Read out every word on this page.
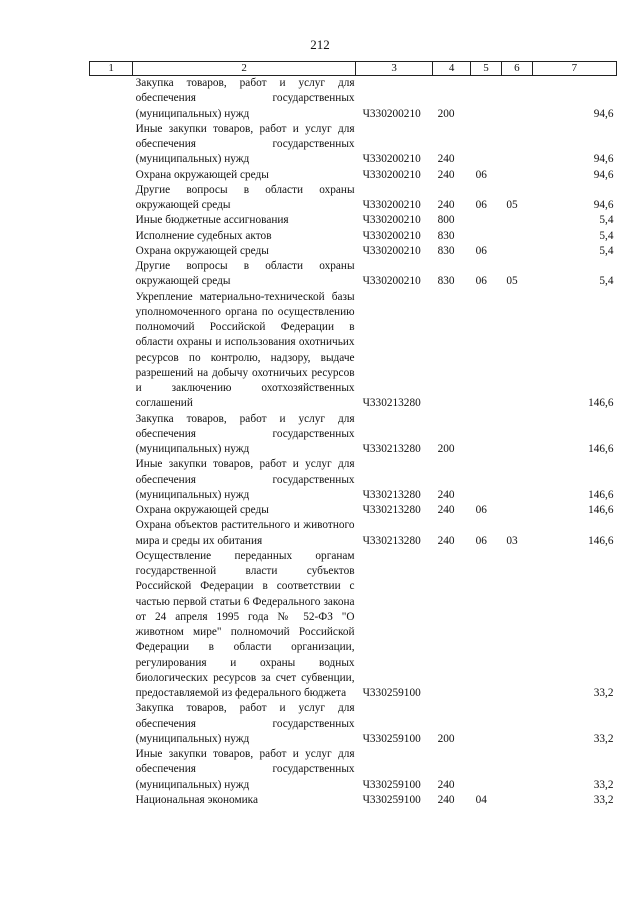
212
1	2	3	4	5	6	7
	Закупка товаров, работ и услуг для обеспечения государственных (муниципальных) нужд	Ч330200210	200			94,6
	Иные закупки товаров, работ и услуг для обеспечения государственных (муниципальных) нужд	Ч330200210	240			94,6
	Охрана окружающей среды	Ч330200210	240	06		94,6
	Другие вопросы в области охраны окружающей среды	Ч330200210	240	06	05	94,6
	Иные бюджетные ассигнования	Ч330200210	800			5,4
	Исполнение судебных актов	Ч330200210	830			5,4
	Охрана окружающей среды	Ч330200210	830	06		5,4
	Другие вопросы в области охраны окружающей среды	Ч330200210	830	06	05	5,4
	Укрепление материально-технической базы уполномоченного органа по осуществлению полномочий Российской Федерации в области охраны и использования охотничьих ресурсов по контролю, надзору, выдаче разрешений на добычу охотничьих ресурсов и заключению охотхозяйственных соглашений	Ч330213280				146,6
	Закупка товаров, работ и услуг для обеспечения государственных (муниципальных) нужд	Ч330213280	200			146,6
	Иные закупки товаров, работ и услуг для обеспечения государственных (муниципальных) нужд	Ч330213280	240			146,6
	Охрана окружающей среды	Ч330213280	240	06		146,6
	Охрана объектов растительного и животного мира и среды их обитания	Ч330213280	240	06	03	146,6
	Осуществление переданных органам государственной власти субъектов Российской Федерации в соответствии с частью первой статьи 6 Федерального закона от 24 апреля 1995 года № 52-ФЗ "О животном мире" полномочий Российской Федерации в области организации, регулирования и охраны водных биологических ресурсов за счет субвенции, предоставляемой из федерального бюджета	Ч330259100				33,2
	Закупка товаров, работ и услуг для обеспечения государственных (муниципальных) нужд	Ч330259100	200			33,2
	Иные закупки товаров, работ и услуг для обеспечения государственных (муниципальных) нужд	Ч330259100	240			33,2
	Национальная экономика	Ч330259100	240	04		33,2
